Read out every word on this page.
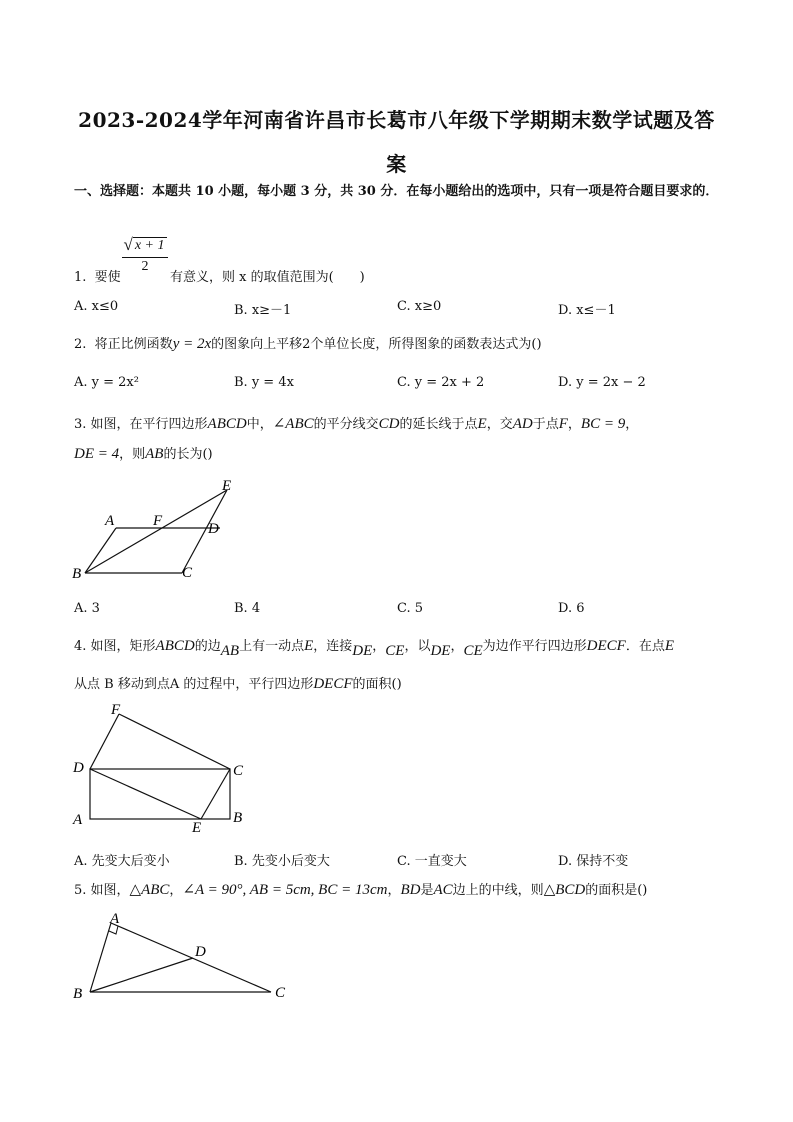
2023-2024学年河南省许昌市长葛市八年级下学期期末数学试题及答
案
一、选择题：本题共 10 小题，每小题 3 分，共 30 分．在每小题给出的选项中，只有一项是符合题目要求的．
√ x + 1
2
1. 要使	有意义，则 x 的取值范围为(　　)
A. x≤0	B. x≥－1	C. x≥0	D. x≤－1
2. 将正比例函数y = 2x的图象向上平移2个单位长度，所得图象的函数表达式为()
A. y = 2x²	B. y = 4x	C. y = 2x + 2	D. y = 2x − 2
3. 如图，在平行四边形ABCD中，∠ABC的平分线交CD的延长线于点E，交AD于点F，BC = 9，
DE = 4，则AB的长为()
A	F
E
D
B	C
A. 3	B. 4	C. 5	D. 6
4. 如图，矩形ABCD的边AB上有一动点E，连接DE，CE，以DE，CE为边作平行四边形DECF．在点E
从点 B 移动到点A 的过程中，平行四边形DECF的面积()
F
D	C
A	E
B
A. 先变大后变小	B. 先变小后变大	C. 一直变大	D. 保持不变
5. 如图，△ABC，∠A = 90°, AB = 5cm, BC = 13cm，BD是AC边上的中线，则△BCD的面积是()
A
D
B	C
